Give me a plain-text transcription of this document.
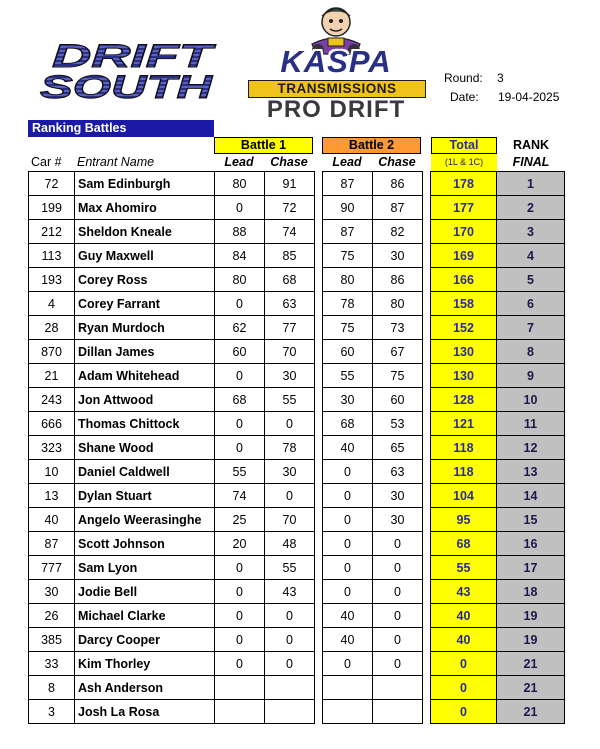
DRIFT
SOUTH
KASPA
TRANSMISSIONS
PRO DRIFT
Round: 3
Date: 19-04-2025
Ranking Battles
Battle 1	Battle 2	Total	RANK
Car # Entrant Name	Lead	Chase	Lead	Chase	(1L & 1C)	FINAL
72	Sam Edinburgh	80	91		87	86		178	1
199	Max Ahomiro	0	72		90	87		177	2
212	Sheldon Kneale	88	74		87	82		170	3
113	Guy Maxwell	84	85		75	30		169	4
193	Corey Ross	80	68		80	86		166	5
4	Corey Farrant	0	63		78	80		158	6
28	Ryan Murdoch	62	77		75	73		152	7
870	Dillan James	60	70		60	67		130	8
21	Adam Whitehead	0	30		55	75		130	9
243	Jon Attwood	68	55		30	60		128	10
666	Thomas Chittock	0	0		68	53		121	11
323	Shane Wood	0	78		40	65		118	12
10	Daniel Caldwell	55	30		0	63		118	13
13	Dylan Stuart	74	0		0	30		104	14
40	Angelo Weerasinghe	25	70		0	30		95	15
87	Scott Johnson	20	48		0	0		68	16
777	Sam Lyon	0	55		0	0		55	17
30	Jodie Bell	0	43		0	0		43	18
26	Michael Clarke	0	0		40	0		40	19
385	Darcy Cooper	0	0		40	0		40	19
33	Kim Thorley	0	0		0	0		0	21
8	Ash Anderson							0	21
3	Josh La Rosa							0	21
